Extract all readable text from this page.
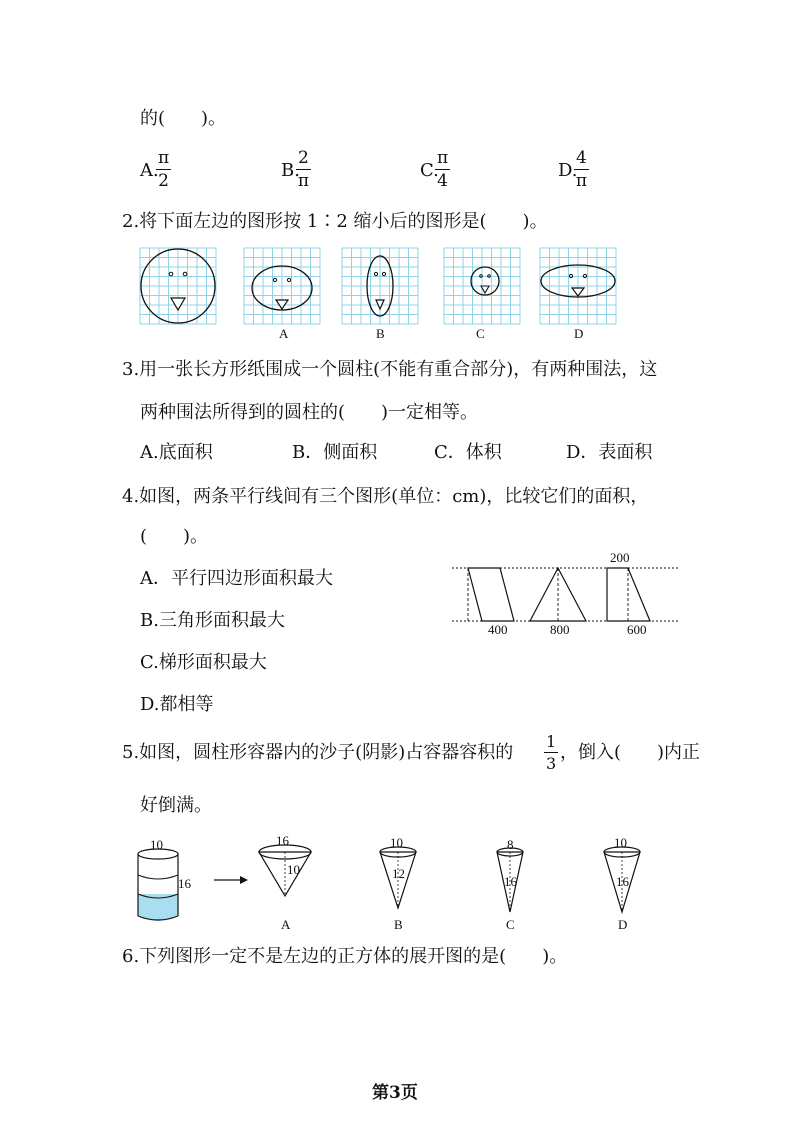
的(　　)。
A.
$\frac{\pi}{2}$	B.
$\frac{2}{\pi}$	C.
$\frac{\pi}{4}$	D.
$\frac{4}{\pi}$
2.将下面左边的图形按 1∶2 缩小后的图形是(　　)。
A	B	C	D
3.用一张长方形纸围成一个圆柱(不能有重合部分)，有两种围法，这
两种围法所得到的圆柱的(　　)一定相等。
A.底面积	B．侧面积	C．体积	D．表面积
4.如图，两条平行线间有三个图形(单位：cm)，比较它们的面积，
(　　)。
A．平行四边形面积最大
B.三角形面积最大
C.梯形面积最大
D.都相等
400	800
200
600
5.如图，圆柱形容器内的沙子(阴影)占容器容积的 $\frac{1}{3}$ ，倒入(　　)内正
好倒满。
10
16
16
10
A
10
12
B
8
16
C
10
16
D
6.下列图形一定不是左边的正方体的展开图的是(　　)。
第3页
